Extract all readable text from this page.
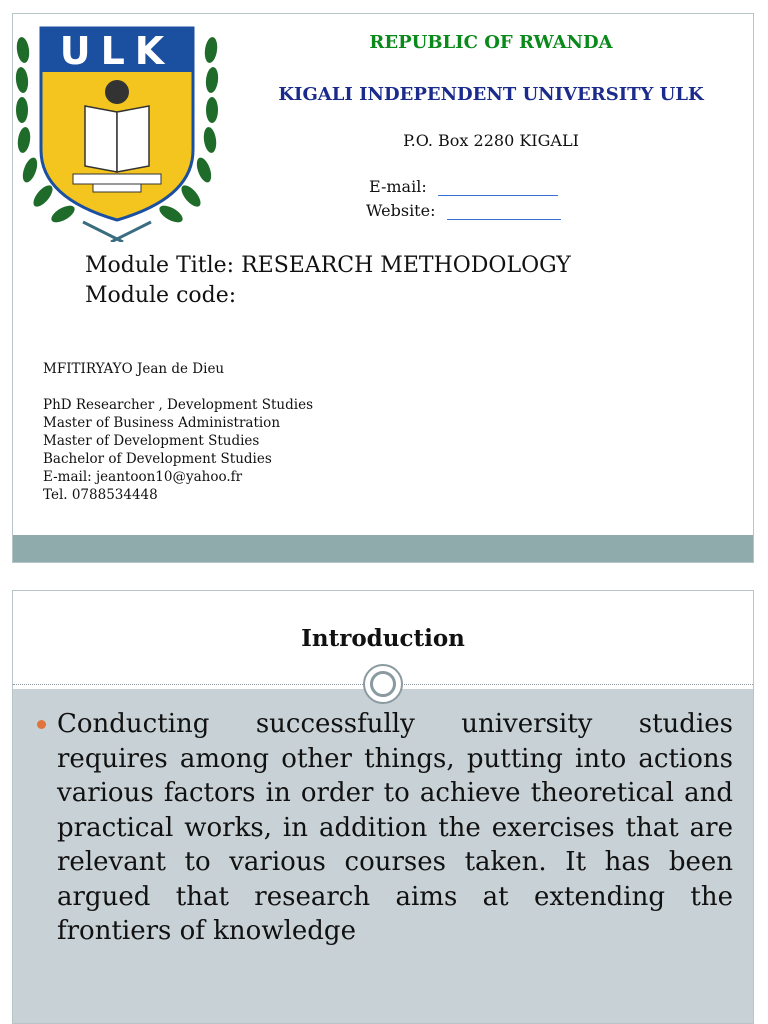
ULK	REPUBLIC OF RWANDA
KIGALI INDEPENDENT UNIVERSITY ULK
P.O. Box 2280 KIGALI
E-mail:
Website:
Module Title: RESEARCH METHODOLOGY
Module code:
MFITIRYAYO Jean de Dieu
PhD Researcher , Development Studies
Master of Business Administration
Master of Development Studies
Bachelor of Development Studies
E-mail: jeantoon10@yahoo.fr
Tel. 0788534448
Introduction
Conducting successfully university studies requires among other things, putting into actions various factors in order to achieve theoretical and practical works, in addition the exercises that are relevant to various courses taken. It has been argued that research aims at extending the frontiers of knowledge
